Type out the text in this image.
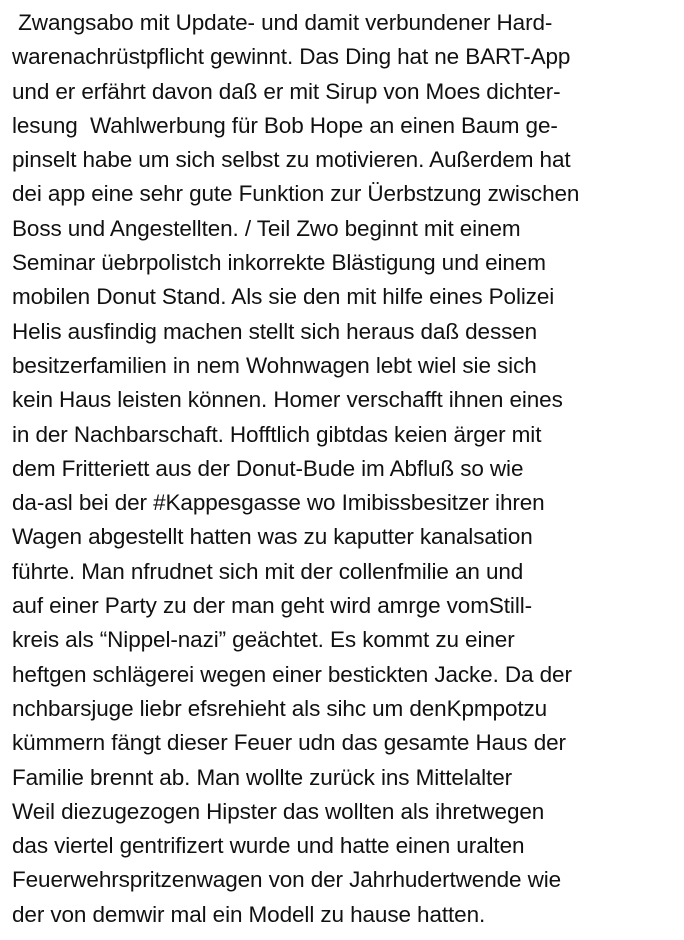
Zwangsabo mit Update- und damit verbundener Hard-
warenachrüstpflicht gewinnt. Das Ding hat ne BART-App
und er erfährt davon daß er mit Sirup von Moes dichter-
lesung  Wahlwerbung für Bob Hope an einen Baum ge-
pinselt habe um sich selbst zu motivieren. Außerdem hat
dei app eine sehr gute Funktion zur Üerbstzung zwischen
Boss und Angestellten. / Teil Zwo beginnt mit einem
Seminar üebrpolistch inkorrekte Blästigung und einem
mobilen Donut Stand. Als sie den mit hilfe eines Polizei
Helis ausfindig machen stellt sich heraus daß dessen
besitzerfamilien in nem Wohnwagen lebt wiel sie sich
kein Haus leisten können. Homer verschafft ihnen eines
in der Nachbarschaft. Hofftlich gibtdas keien ärger mit
dem Fritteriett aus der Donut-Bude im Abfluß so wie
da-asl bei der #Kappesgasse wo Imibissbesitzer ihren
Wagen abgestellt hatten was zu kaputter kanalsation
führte. Man nfrudnet sich mit der collenfmilie an und
auf einer Party zu der man geht wird amrge vomStill-
kreis als “Nippel-nazi” geächtet. Es kommt zu einer
heftgen schlägerei wegen einer bestickten Jacke. Da der
nchbarsjuge liebr efsrehieht als sihc um denKpmpotzu
kümmern fängt dieser Feuer udn das gesamte Haus der
Familie brennt ab. Man wollte zurück ins Mittelalter
Weil diezugezogen Hipster das wollten als ihretwegen
das viertel gentrifizert wurde und hatte einen uralten
Feuerwehrspritzenwagen von der Jahrhudertwende wie
der von demwir mal ein Modell zu hause hatten.
